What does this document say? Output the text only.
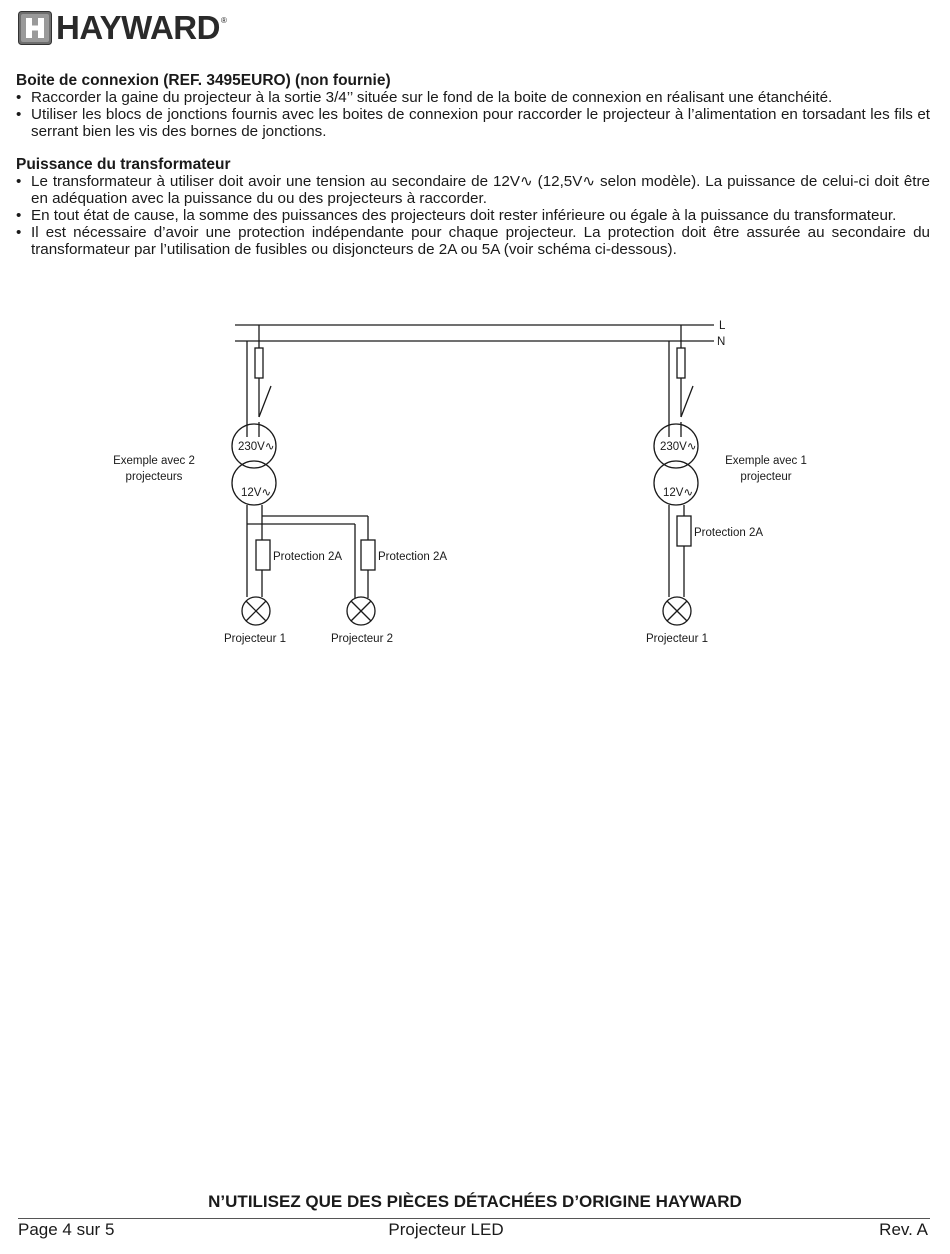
HAYWARD ®
Boite de connexion (REF. 3495EURO) (non fournie)
• Raccorder la gaine du projecteur à la sortie 3/4’’ située sur le fond de la boite de connexion en réalisant une étanchéité.
• Utiliser les blocs de jonctions fournis avec les boites de connexion pour raccorder le projecteur à l’alimentation en torsadant les fils et serrant bien les vis des bornes de jonctions.
Puissance du transformateur
• Le transformateur à utiliser doit avoir une tension au secondaire de 12V∿ (12,5V∿ selon modèle). La puissance de celui-ci doit être en adéquation avec la puissance du ou des projecteurs à raccorder.
• En tout état de cause, la somme des puissances des projecteurs doit rester inférieure ou égale à la puissance du transformateur.
• Il est nécessaire d’avoir une protection indépendante pour chaque projecteur. La protection doit être assurée au secondaire du transformateur par l’utilisation de fusibles ou disjoncteurs de 2A ou 5A (voir schéma ci-dessous).
L
N
230V∿
12V∿
Protection 2A	Protection 2A
Projecteur 1	Projecteur 2
Exemple avec 2
projecteurs
230V∿
12V∿
Protection 2A
Projecteur 1
Exemple avec 1
projecteur
N’UTILISEZ QUE DES PIÈCES DÉTACHÉES D’ORIGINE HAYWARD
Page 4 sur 5	Projecteur LED	Rev. A
